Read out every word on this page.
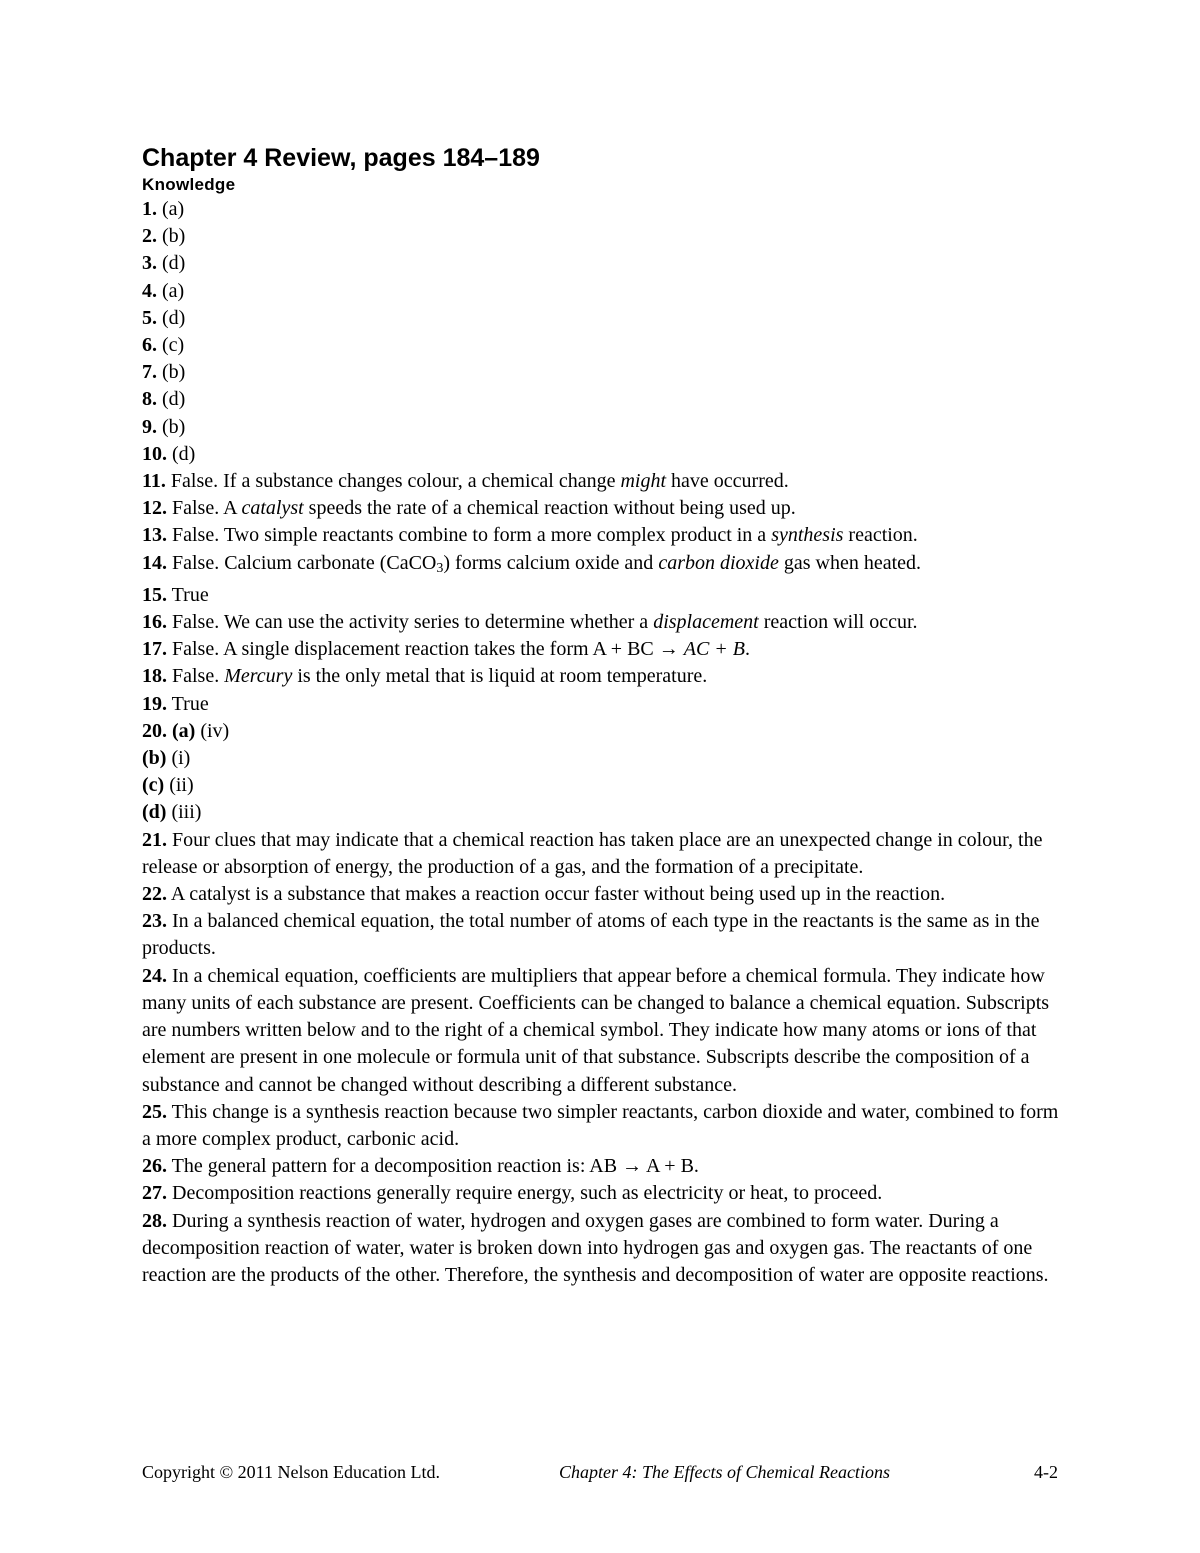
Chapter 4 Review, pages 184–189
Knowledge

1. (a)

2. (b)

3. (d)

4. (a)

5. (d)

6. (c)

7. (b)

8. (d)

9. (b)

10. (d)

11. False. If a substance changes colour, a chemical change might have occurred.

12. False. A catalyst speeds the rate of a chemical reaction without being used up.

13. False. Two simple reactants combine to form a more complex product in a synthesis reaction.

14. False. Calcium carbonate (CaCO$_3$) forms calcium oxide and carbon dioxide gas when heated.

15. True

16. False. We can use the activity series to determine whether a displacement reaction will occur.

17. False. A single displacement reaction takes the form A + BC → AC + B.

18. False. Mercury is the only metal that is liquid at room temperature.

19. True

20. (a) (iv)

(b) (i)

(c) (ii)

(d) (iii)

21. Four clues that may indicate that a chemical reaction has taken place are an unexpected change in colour, the release or absorption of energy, the production of a gas, and the formation of a precipitate.

22. A catalyst is a substance that makes a reaction occur faster without being used up in the reaction.

23. In a balanced chemical equation, the total number of atoms of each type in the reactants is the same as in the products.

24. In a chemical equation, coefficients are multipliers that appear before a chemical formula. They indicate how many units of each substance are present. Coefficients can be changed to balance a chemical equation. Subscripts are numbers written below and to the right of a chemical symbol. They indicate how many atoms or ions of that element are present in one molecule or formula unit of that substance. Subscripts describe the composition of a substance and cannot be changed without describing a different substance.

25. This change is a synthesis reaction because two simpler reactants, carbon dioxide and water, combined to form a more complex product, carbonic acid.

26. The general pattern for a decomposition reaction is: AB → A + B.

27. Decomposition reactions generally require energy, such as electricity or heat, to proceed.

28. During a synthesis reaction of water, hydrogen and oxygen gases are combined to form water. During a decomposition reaction of water, water is broken down into hydrogen gas and oxygen gas. The reactants of one reaction are the products of the other. Therefore, the synthesis and decomposition of water are opposite reactions.

Copyright © 2011 Nelson Education Ltd.	Chapter 4: The Effects of Chemical Reactions	4-2
